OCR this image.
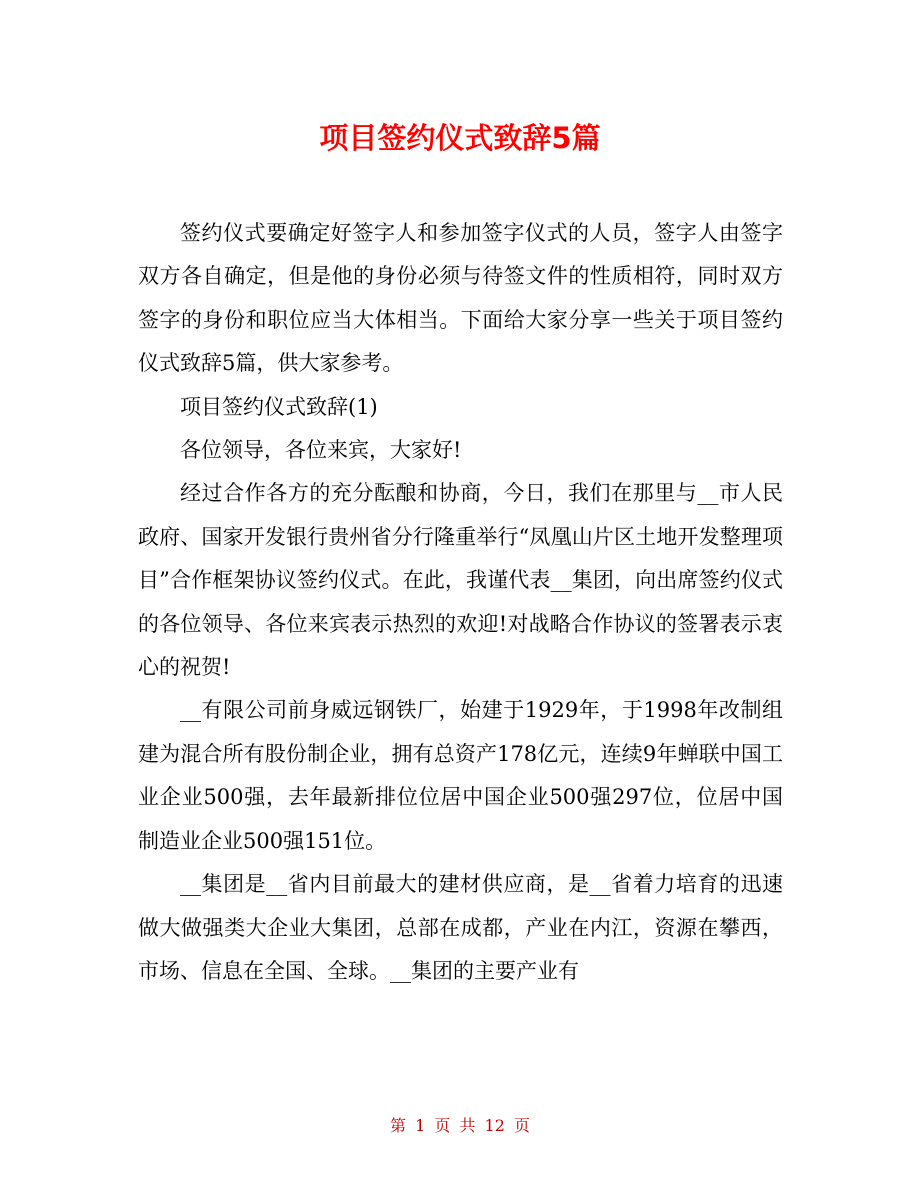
项目签约仪式致辞5篇

签约仪式要确定好签字人和参加签字仪式的人员，签字人由签字双方各自确定，但是他的身份必须与待签文件的性质相符，同时双方签字的身份和职位应当大体相当。下面给大家分享一些关于项目签约仪式致辞5篇，供大家参考。

项目签约仪式致辞(1)

各位领导，各位来宾，大家好!

经过合作各方的充分酝酿和协商，今日，我们在那里与__市人民政府、国家开发银行贵州省分行隆重举行“凤凰山片区土地开发整理项目”合作框架协议签约仪式。在此，我谨代表__集团，向出席签约仪式的各位领导、各位来宾表示热烈的欢迎!对战略合作协议的签署表示衷心的祝贺!

__有限公司前身威远钢铁厂，始建于1929年，于1998年改制组建为混合所有股份制企业，拥有总资产178亿元，连续9年蝉联中国工业企业500强，去年最新排位位居中国企业500强297位，位居中国制造业企业500强151位。

__集团是__省内目前最大的建材供应商，是__省着力培育的迅速做大做强类大企业大集团，总部在成都，产业在内江，资源在攀西，市场、信息在全国、全球。__集团的主要产业有

第 1 页 共 12 页
